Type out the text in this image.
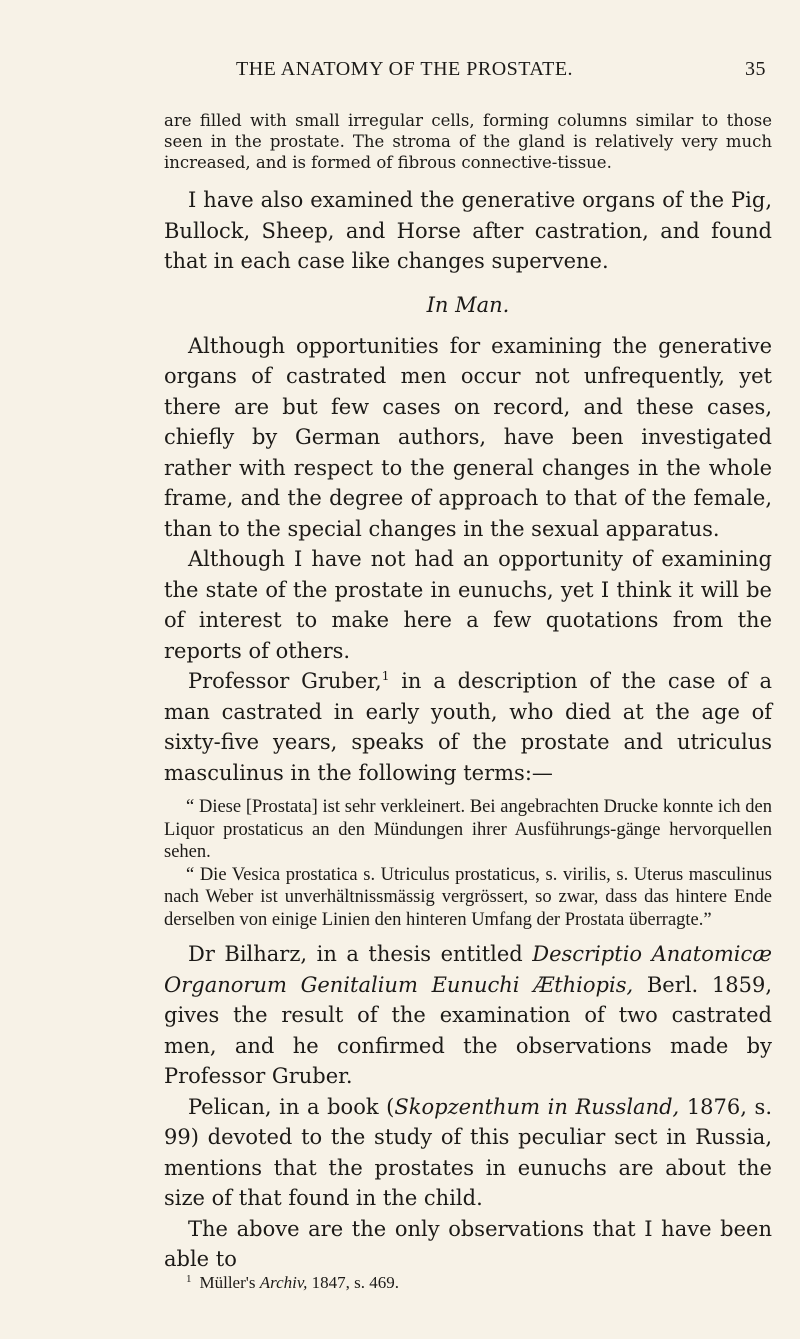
THE ANATOMY OF THE PROSTATE.	35

are filled with small irregular cells, forming columns similar to those seen in the prostate. The stroma of the gland is relatively very much increased, and is formed of fibrous connective-tissue.

I have also examined the generative organs of the Pig, Bullock, Sheep, and Horse after castration, and found that in each case like changes supervene.

In Man.

Although opportunities for examining the generative organs of castrated men occur not unfrequently, yet there are but few cases on record, and these cases, chiefly by German authors, have been investigated rather with respect to the general changes in the whole frame, and the degree of approach to that of the female, than to the special changes in the sexual apparatus.

Although I have not had an opportunity of examining the state of the prostate in eunuchs, yet I think it will be of interest to make here a few quotations from the reports of others.

Professor Gruber,$^1$ in a description of the case of a man castrated in early youth, who died at the age of sixty-five years, speaks of the prostate and utriculus masculinus in the following terms:—

“ Diese [Prostata] ist sehr verkleinert. Bei angebrachten Drucke konnte ich den Liquor prostaticus an den Mündungen ihrer Ausführungs-gänge hervorquellen sehen.

“ Die Vesica prostatica s. Utriculus prostaticus, s. virilis, s. Uterus masculinus nach Weber ist unverhältnissmässig vergrössert, so zwar, dass das hintere Ende derselben von einige Linien den hinteren Umfang der Prostata überragte.”

Dr Bilharz, in a thesis entitled Descriptio Anatomicæ Organorum Genitalium Eunuchi Æthiopis, Berl. 1859, gives the result of the examination of two castrated men, and he confirmed the observations made by Professor Gruber.

Pelican, in a book (Skopzenthum in Russland, 1876, s. 99) devoted to the study of this peculiar sect in Russia, mentions that the prostates in eunuchs are about the size of that found in the child.

The above are the only observations that I have been able to

$^1$ Müller's Archiv, 1847, s. 469.
